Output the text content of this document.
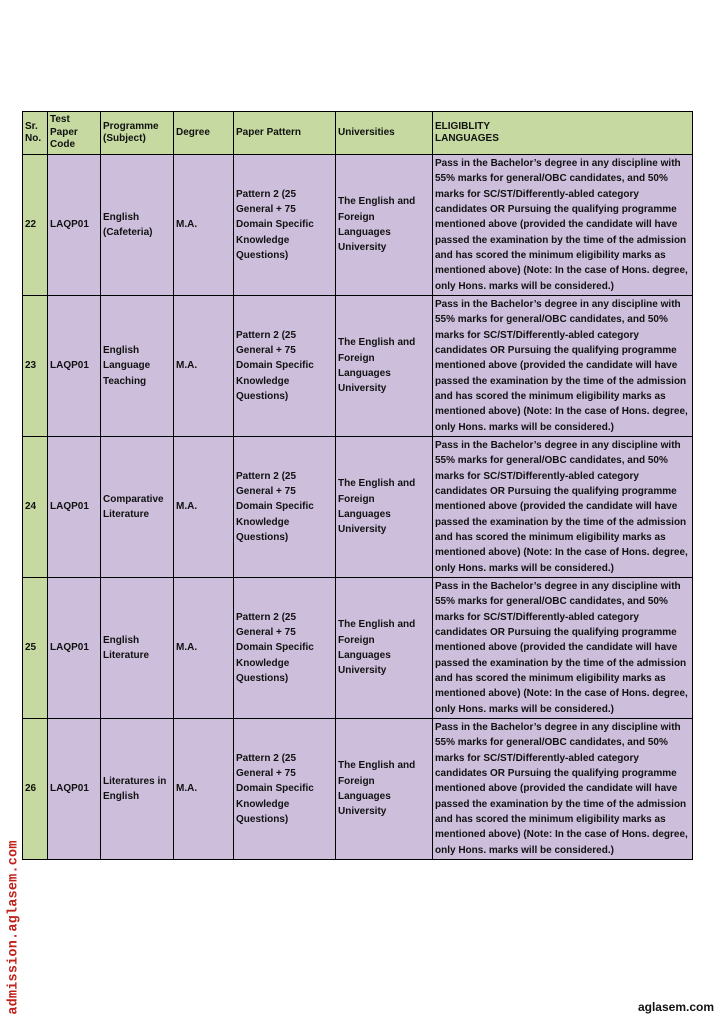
Sr. No.	Test Paper Code	Programme (Subject)	Degree	Paper Pattern	Universities	ELIGIBLITY
LANGUAGES

22	LAQP01	English (Cafeteria)	M.A.	Pattern 2 (25 General + 75 Domain Specific Knowledge Questions)	The English and Foreign Languages University	Pass in the Bachelor’s degree in any discipline with 55% marks for general/OBC candidates, and 50% marks for SC/ST/Differently-abled category candidates OR Pursuing the qualifying programme mentioned above (provided the candidate will have passed the examination by the time of the admission and has scored the minimum eligibility marks as mentioned above) (Note: In the case of Hons. degree, only Hons. marks will be considered.)
23	LAQP01	English Language Teaching	M.A.	Pattern 2 (25 General + 75 Domain Specific Knowledge Questions)	The English and Foreign Languages University	Pass in the Bachelor’s degree in any discipline with 55% marks for general/OBC candidates, and 50% marks for SC/ST/Differently-abled category candidates OR Pursuing the qualifying programme mentioned above (provided the candidate will have passed the examination by the time of the admission and has scored the minimum eligibility marks as mentioned above) (Note: In the case of Hons. degree, only Hons. marks will be considered.)
24	LAQP01	Comparative Literature	M.A.	Pattern 2 (25 General + 75 Domain Specific Knowledge Questions)	The English and Foreign Languages University	Pass in the Bachelor’s degree in any discipline with 55% marks for general/OBC candidates, and 50% marks for SC/ST/Differently-abled category candidates OR Pursuing the qualifying programme mentioned above (provided the candidate will have passed the examination by the time of the admission and has scored the minimum eligibility marks as mentioned above) (Note: In the case of Hons. degree, only Hons. marks will be considered.)
25	LAQP01	English Literature	M.A.	Pattern 2 (25 General + 75 Domain Specific Knowledge Questions)	The English and Foreign Languages University	Pass in the Bachelor’s degree in any discipline with 55% marks for general/OBC candidates, and 50% marks for SC/ST/Differently-abled category candidates OR Pursuing the qualifying programme mentioned above (provided the candidate will have passed the examination by the time of the admission and has scored the minimum eligibility marks as mentioned above) (Note: In the case of Hons. degree, only Hons. marks will be considered.)
26	LAQP01	Literatures in English	M.A.	Pattern 2 (25 General + 75 Domain Specific Knowledge Questions)	The English and Foreign Languages University	Pass in the Bachelor’s degree in any discipline with 55% marks for general/OBC candidates, and 50% marks for SC/ST/Differently-abled category candidates OR Pursuing the qualifying programme mentioned above (provided the candidate will have passed the examination by the time of the admission and has scored the minimum eligibility marks as mentioned above) (Note: In the case of Hons. degree, only Hons. marks will be considered.)
admission.aglasem.com	aglasem.com
